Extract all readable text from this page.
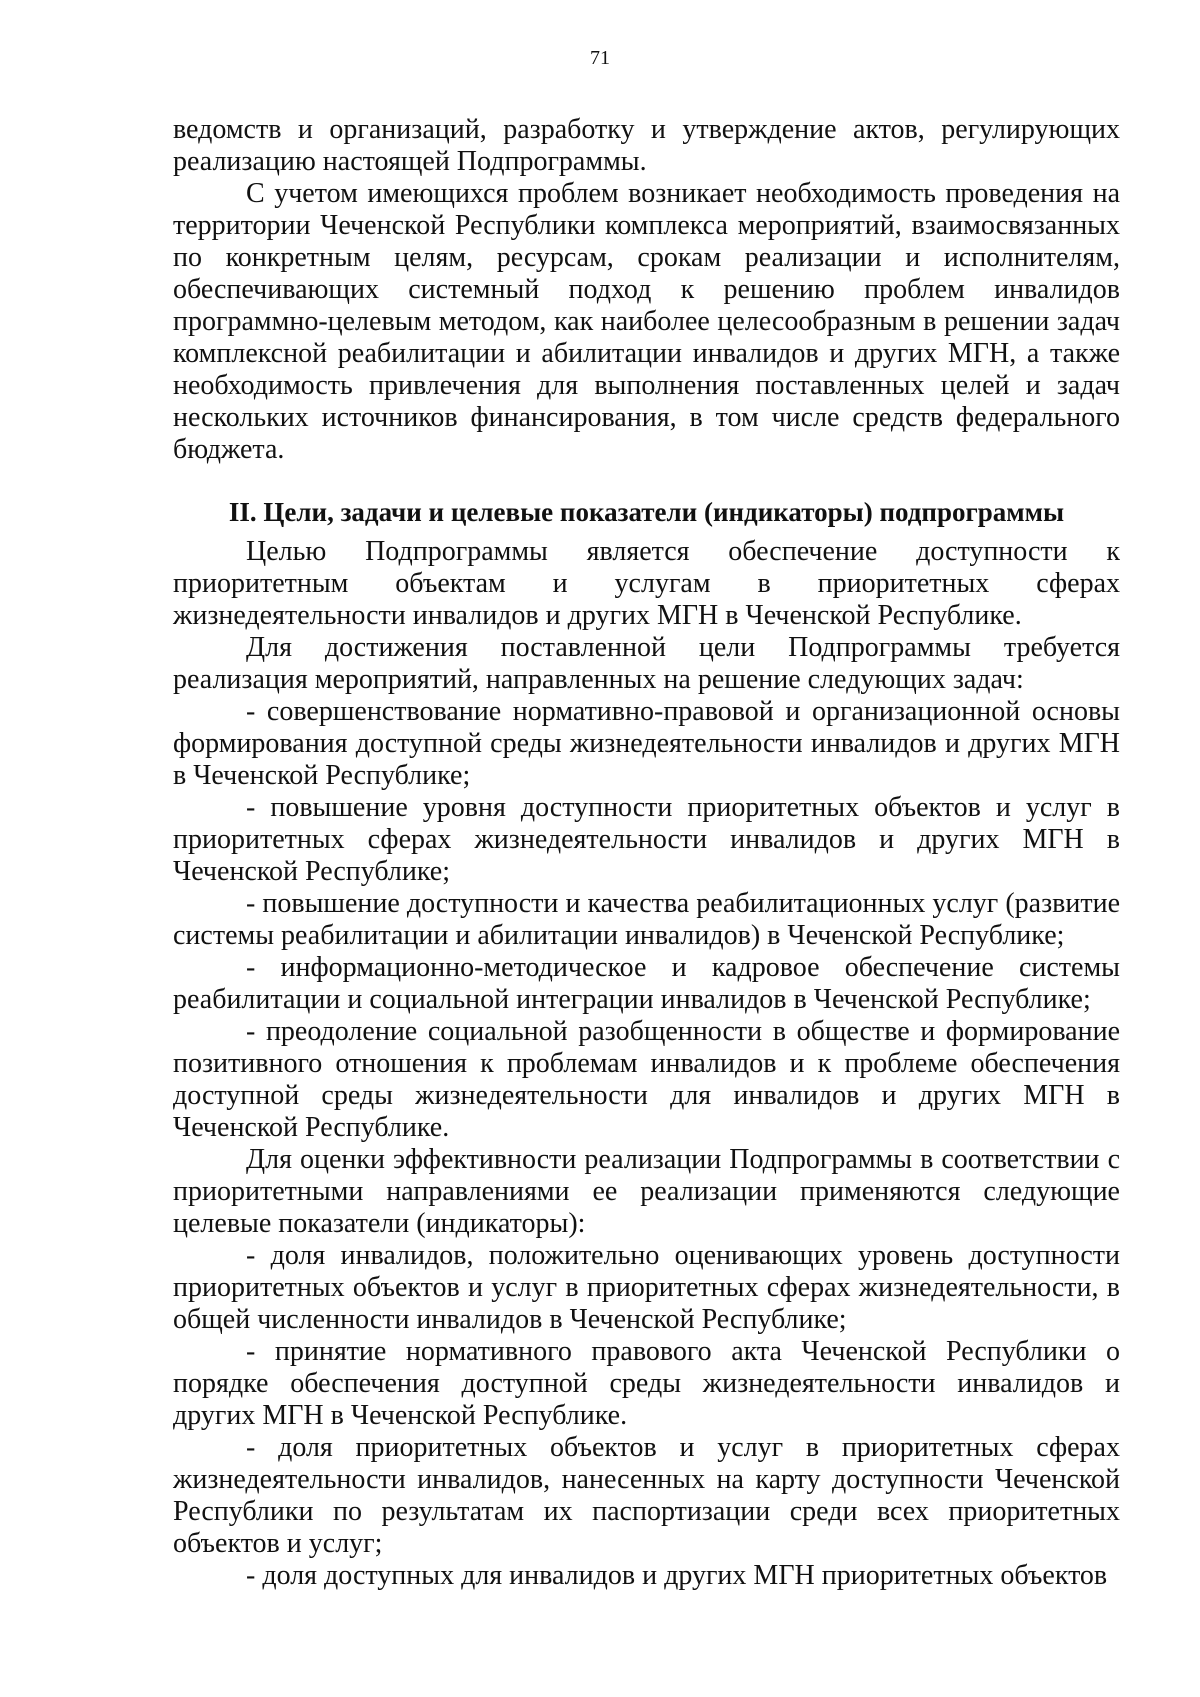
71

ведомств и организаций, разработку и утверждение актов, регулирующих реализацию настоящей Подпрограммы.

С учетом имеющихся проблем возникает необходимость проведения на территории Чеченской Республики комплекса мероприятий, взаимосвязанных по конкретным целям, ресурсам, срокам реализации и исполнителям, обеспечивающих системный подход к решению проблем инвалидов программно-целевым методом, как наиболее целесообразным в решении задач комплексной реабилитации и абилитации инвалидов и других МГН, а также необходимость привлечения для выполнения поставленных целей и задач нескольких источников финансирования, в том числе средств федерального бюджета.

II. Цели, задачи и целевые показатели (индикаторы) подпрограммы

Целью Подпрограммы является обеспечение доступности к приоритетным объектам и услугам в приоритетных сферах жизнедеятельности инвалидов и других МГН в Чеченской Республике.

Для достижения поставленной цели Подпрограммы требуется реализация мероприятий, направленных на решение следующих задач:

- совершенствование нормативно-правовой и организационной основы формирования доступной среды жизнедеятельности инвалидов и других МГН в Чеченской Республике;

- повышение уровня доступности приоритетных объектов и услуг в приоритетных сферах жизнедеятельности инвалидов и других МГН в Чеченской Республике;

- повышение доступности и качества реабилитационных услуг (развитие системы реабилитации и абилитации инвалидов) в Чеченской Республике;

- информационно-методическое и кадровое обеспечение системы реабилитации и социальной интеграции инвалидов в Чеченской Республике;

- преодоление социальной разобщенности в обществе и формирование позитивного отношения к проблемам инвалидов и к проблеме обеспечения доступной среды жизнедеятельности для инвалидов и других МГН в Чеченской Республике.

Для оценки эффективности реализации Подпрограммы в соответствии с приоритетными направлениями ее реализации применяются следующие целевые показатели (индикаторы):

- доля инвалидов, положительно оценивающих уровень доступности приоритетных объектов и услуг в приоритетных сферах жизнедеятельности, в общей численности инвалидов в Чеченской Республике;

- принятие нормативного правового акта Чеченской Республики о порядке обеспечения доступной среды жизнедеятельности инвалидов и других МГН в Чеченской Республике.

- доля приоритетных объектов и услуг в приоритетных сферах жизнедеятельности инвалидов, нанесенных на карту доступности Чеченской Республики по результатам их паспортизации среди всех приоритетных объектов и услуг;

- доля доступных для инвалидов и других МГН приоритетных объектов
